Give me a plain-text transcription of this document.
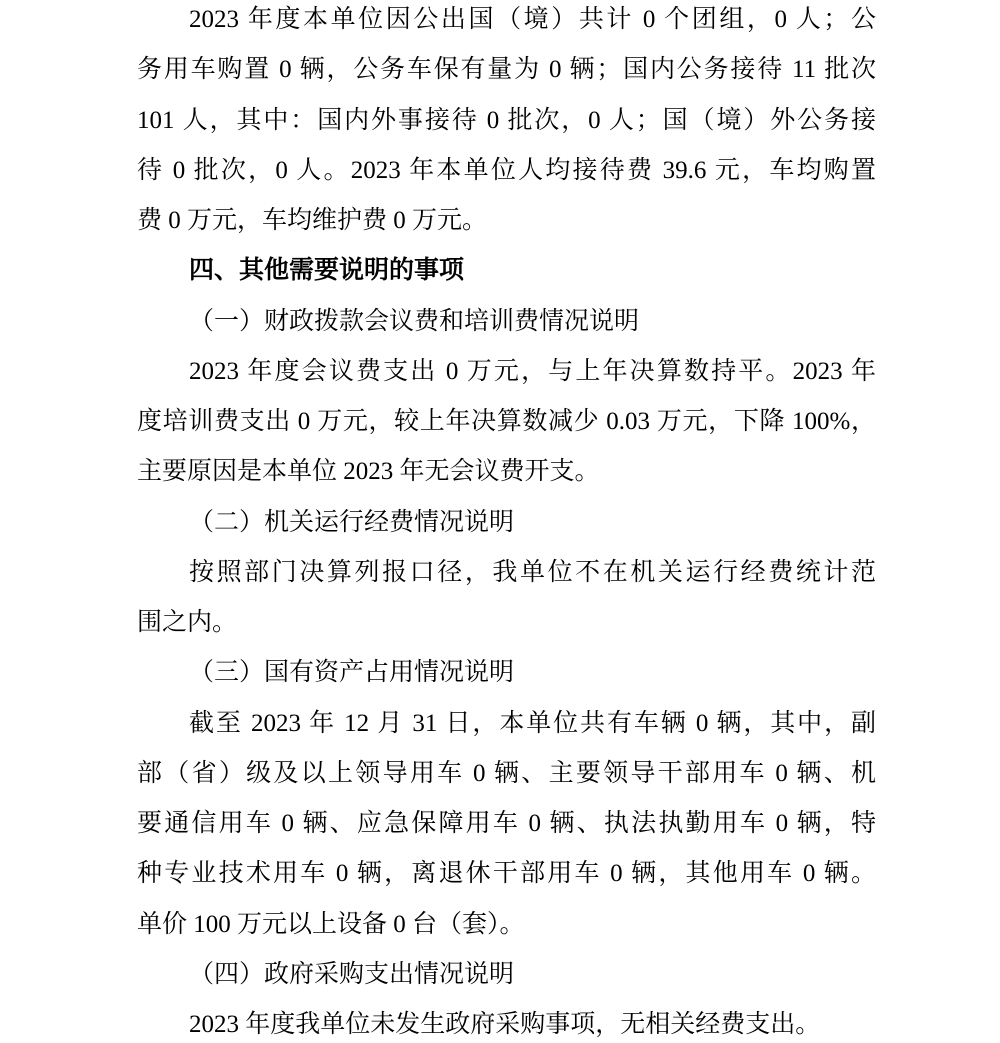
2023 年度本单位因公出国（境）共计 0 个团组，0 人；公
务用车购置 0 辆，公务车保有量为 0 辆；国内公务接待 11 批次
101 人，其中：国内外事接待 0 批次，0 人；国（境）外公务接
待 0 批次，0 人。2023 年本单位人均接待费 39.6 元，车均购置
费 0 万元，车均维护费 0 万元。
四、其他需要说明的事项
（一）财政拨款会议费和培训费情况说明
2023 年度会议费支出 0 万元，与上年决算数持平。2023 年
度培训费支出 0 万元，较上年决算数减少 0.03 万元，下降 100%，
主要原因是本单位 2023 年无会议费开支。
（二）机关运行经费情况说明
按照部门决算列报口径，我单位不在机关运行经费统计范
围之内。
（三）国有资产占用情况说明
截至 2023 年 12 月 31 日，本单位共有车辆 0 辆，其中，副
部（省）级及以上领导用车 0 辆、主要领导干部用车 0 辆、机
要通信用车 0 辆、应急保障用车 0 辆、执法执勤用车 0 辆，特
种专业技术用车 0 辆，离退休干部用车 0 辆，其他用车 0 辆。
单价 100 万元以上设备 0 台（套）。
（四）政府采购支出情况说明
2023 年度我单位未发生政府采购事项，无相关经费支出。
